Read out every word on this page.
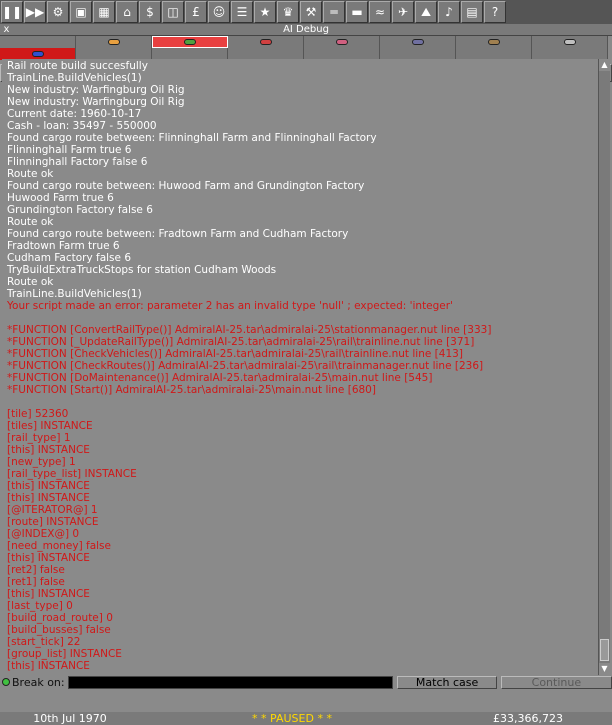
❚❚ ▶▶ ⚙ ▣ ▦	⌂	$	◫	£	☺ ☰	★	♛	⚒	═	▬	≈	✈	⛰	♪	▤	?
x	AI Debug
Rail route build succesfully
TrainLine.BuildVehicles(1)
New industry: Warfingburg Oil Rig
New industry: Warfingburg Oil Rig
Current date: 1960-10-17
Cash - loan: 35497 - 550000
Found cargo route between: Flinninghall Farm and Flinninghall Factory
Flinninghall Farm true 6
Flinninghall Factory false 6
Route ok
Found cargo route between: Huwood Farm and Grundington Factory
Huwood Farm true 6
Grundington Factory false 6
Route ok
Found cargo route between: Fradtown Farm and Cudham Factory
Fradtown Farm true 6
Cudham Factory false 6
TryBuildExtraTruckStops for station Cudham Woods
Route ok
TrainLine.BuildVehicles(1)
Your script made an error: parameter 2 has an invalid type 'null' ; expected: 'integer'
*FUNCTION [ConvertRailType()] AdmiralAI-25.tar\admiralai-25\stationmanager.nut line [333]
*FUNCTION [_UpdateRailType()] AdmiralAI-25.tar\admiralai-25\rail\trainline.nut line [371]
*FUNCTION [CheckVehicles()] AdmiralAI-25.tar\admiralai-25\rail\trainline.nut line [413]
*FUNCTION [CheckRoutes()] AdmiralAI-25.tar\admiralai-25\rail\trainmanager.nut line [236]
*FUNCTION [DoMaintenance()] AdmiralAI-25.tar\admiralai-25\main.nut line [545]
*FUNCTION [Start()] AdmiralAI-25.tar\admiralai-25\main.nut line [680]
[tile] 52360
[tiles] INSTANCE
[rail_type] 1
[this] INSTANCE
[new_type] 1
[rail_type_list] INSTANCE
[this] INSTANCE
[this] INSTANCE
[@ITERATOR@] 1
[route] INSTANCE
[@INDEX@] 0
[need_money] false
[this] INSTANCE
[ret2] false
[ret1] false
[this] INSTANCE
[last_type] 0
[build_road_route] 0
[build_busses] false
[start_tick] 22
[group_list] INSTANCE
[this] INSTANCE
▲
▼
Break on:	Match case	Continue
10th Jul 1970	* * PAUSED * *	£33,366,723
